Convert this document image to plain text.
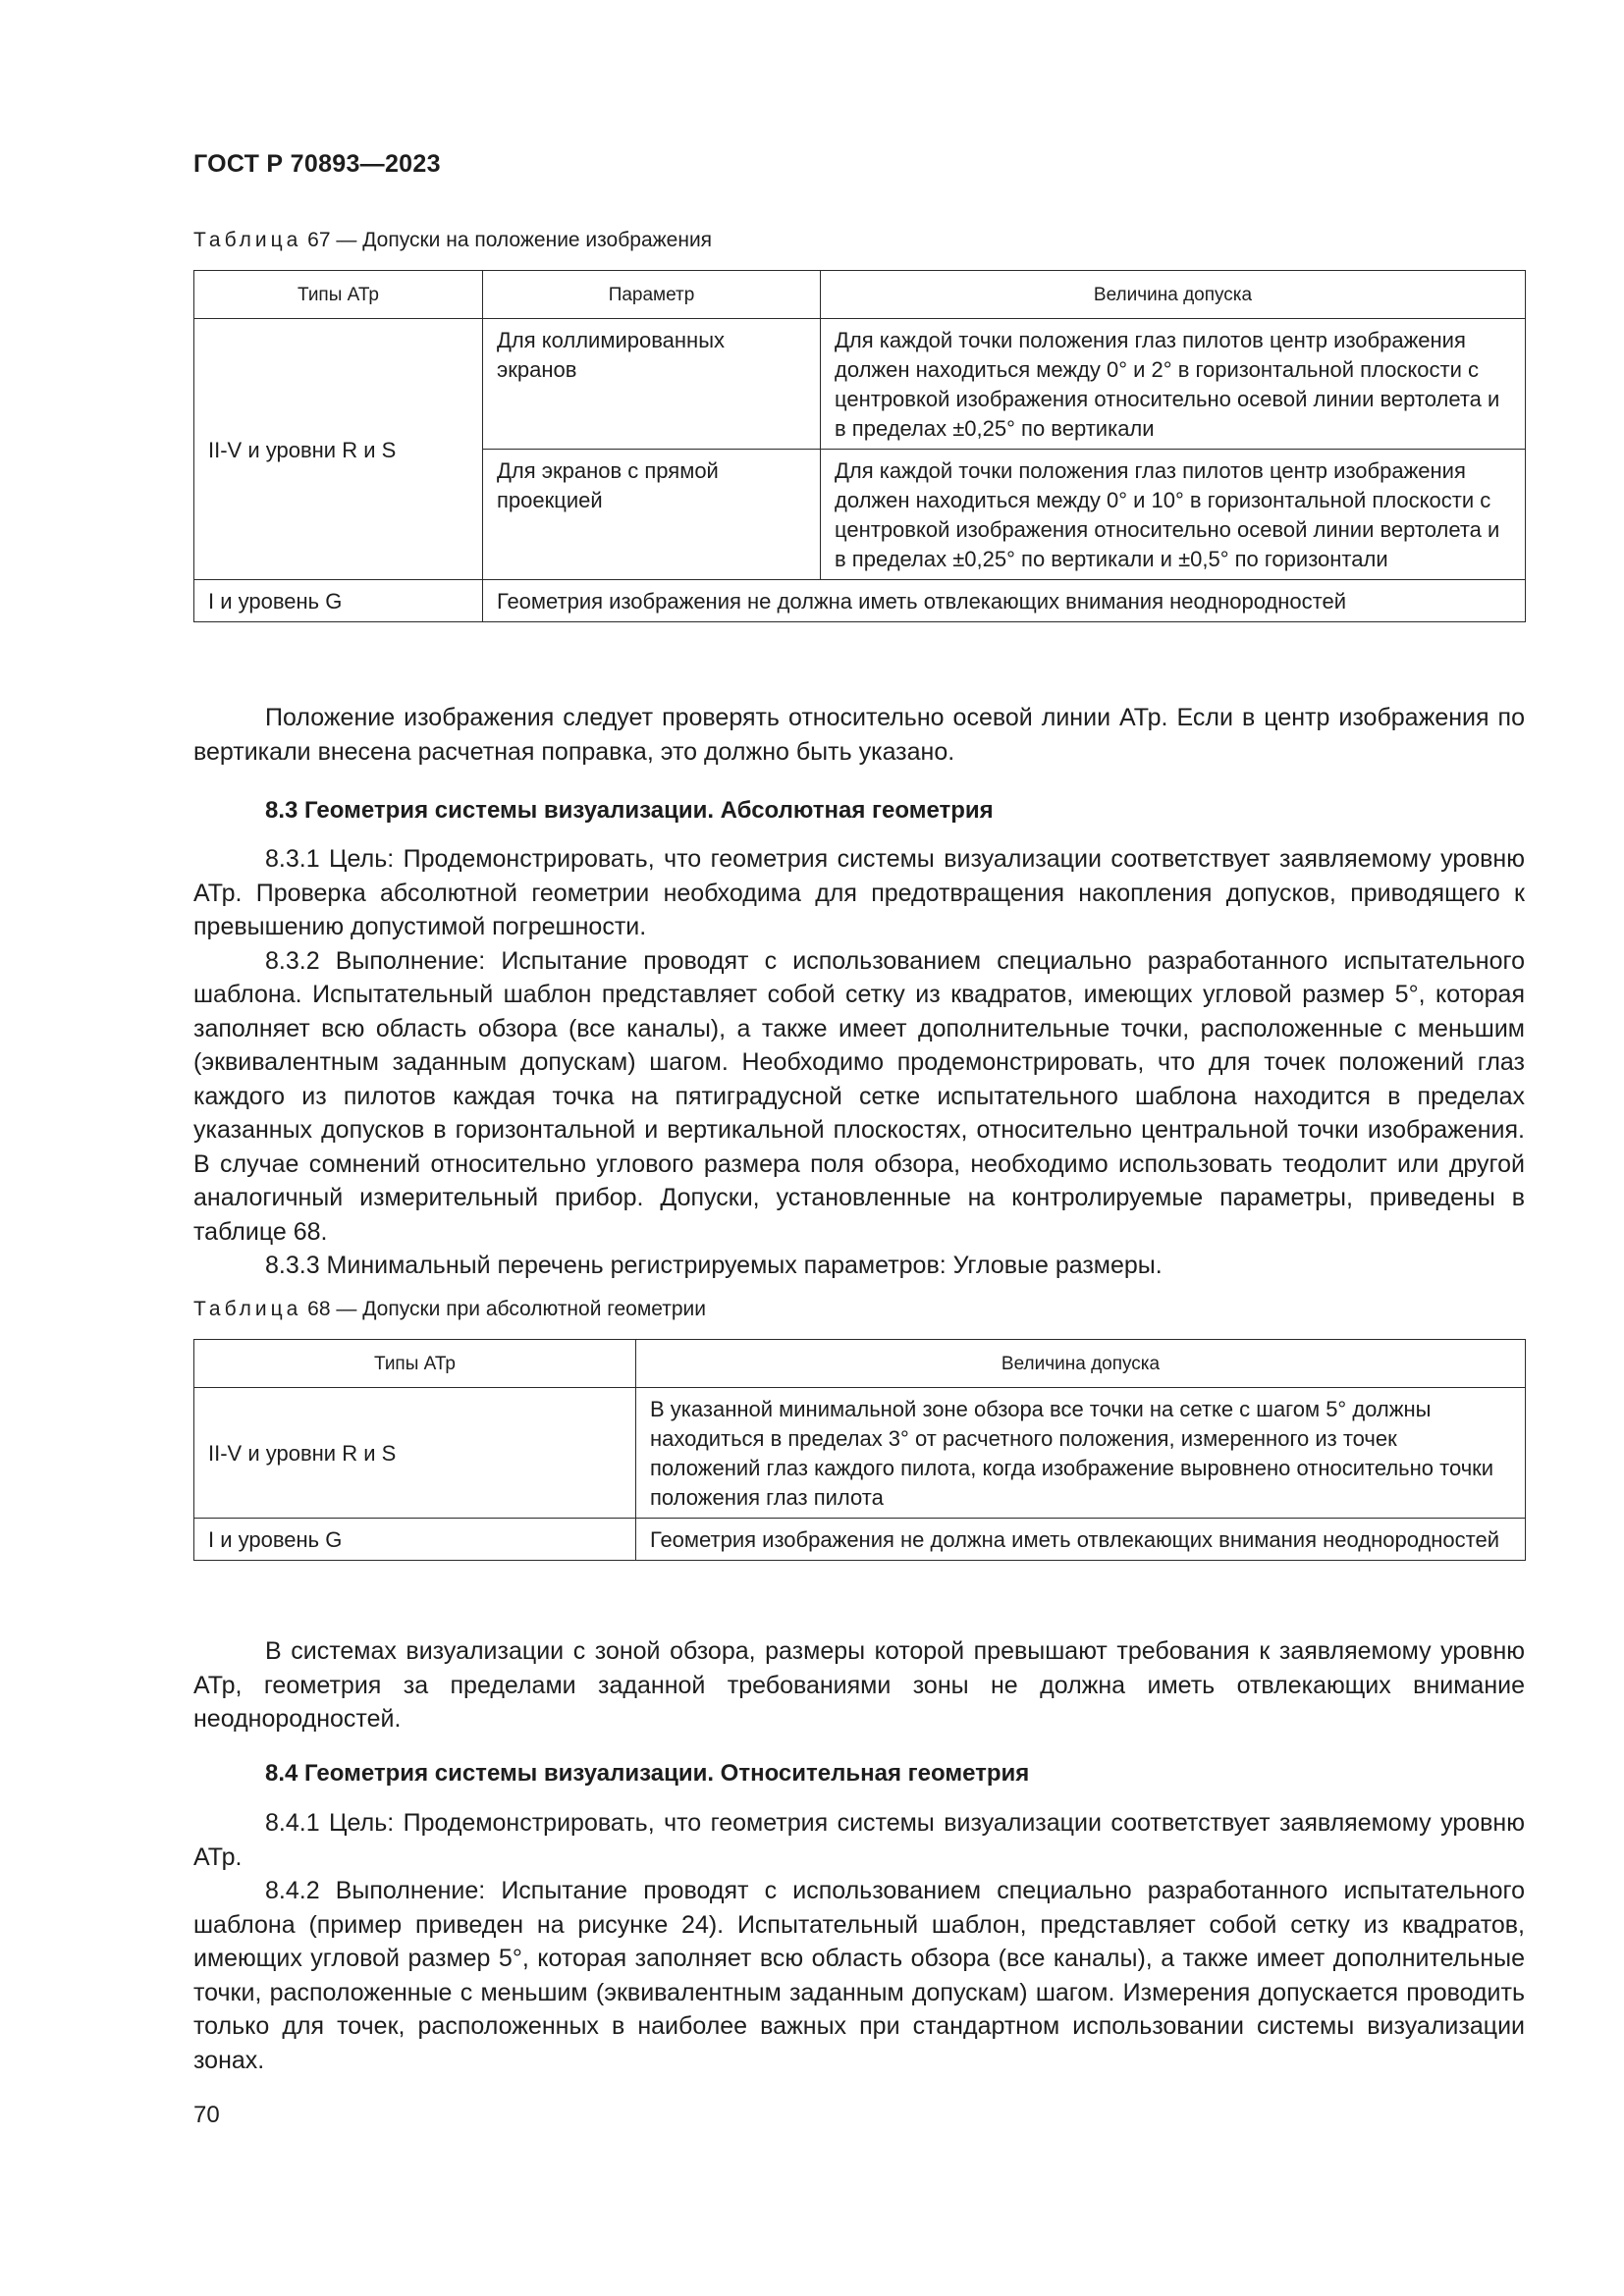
ГОСТ Р 70893—2023
Таблица 67 — Допуски на положение изображения
Типы АТр	Параметр	Величина допуска
II-V и уровни R и S	Для коллимированных экранов	Для каждой точки положения глаз пилотов центр изображения должен находиться между 0° и 2° в горизонтальной плоскости с центровкой изображения относительно осевой линии вертолета и в пределах ±0,25° по вертикали
	Для экранов с прямой проекцией	Для каждой точки положения глаз пилотов центр изображения должен находиться между 0° и 10° в горизонтальной плоскости с центровкой изображения относительно осевой линии вертолета и в пределах ±0,25° по вертикали и ±0,5° по горизонтали
I и уровень G	Геометрия изображения не должна иметь отвлекающих внимания неоднородностей	

Положение изображения следует проверять относительно осевой линии АТр. Если в центр изображения по вертикали внесена расчетная поправка, это должно быть указано.

8.3 Геометрия системы визуализации. Абсолютная геометрия

8.3.1 Цель: Продемонстрировать, что геометрия системы визуализации соответствует заявляемому уровню АТр. Проверка абсолютной геометрии необходима для предотвращения накопления допусков, приводящего к превышению допустимой погрешности.

8.3.2 Выполнение: Испытание проводят с использованием специально разработанного испытательного шаблона. Испытательный шаблон представляет собой сетку из квадратов, имеющих угловой размер 5°, которая заполняет всю область обзора (все каналы), а также имеет дополнительные точки, расположенные с меньшим (эквивалентным заданным допускам) шагом. Необходимо продемонстрировать, что для точек положений глаз каждого из пилотов каждая точка на пятиградусной сетке испытательного шаблона находится в пределах указанных допусков в горизонтальной и вертикальной плоскостях, относительно центральной точки изображения. В случае сомнений относительно углового размера поля обзора, необходимо использовать теодолит или другой аналогичный измерительный прибор. Допуски, установленные на контролируемые параметры, приведены в таблице 68.

8.3.3 Минимальный перечень регистрируемых параметров: Угловые размеры.

Таблица 68 — Допуски при абсолютной геометрии
Типы АТр	Величина допуска
II-V и уровни R и S	В указанной минимальной зоне обзора все точки на сетке с шагом 5° должны находиться в пределах 3° от расчетного положения, измеренного из точек положений глаз каждого пилота, когда изображение выровнено относительно точки положения глаз пилота
I и уровень G	Геометрия изображения не должна иметь отвлекающих внимания неоднородностей

В системах визуализации с зоной обзора, размеры которой превышают требования к заявляемому уровню АТр, геометрия за пределами заданной требованиями зоны не должна иметь отвлекающих внимание неоднородностей.

8.4 Геометрия системы визуализации. Относительная геометрия

8.4.1 Цель: Продемонстрировать, что геометрия системы визуализации соответствует заявляемому уровню АТр.

8.4.2 Выполнение: Испытание проводят с использованием специально разработанного испытательного шаблона (пример приведен на рисунке 24). Испытательный шаблон, представляет собой сетку из квадратов, имеющих угловой размер 5°, которая заполняет всю область обзора (все каналы), а также имеет дополнительные точки, расположенные с меньшим (эквивалентным заданным допускам) шагом. Измерения допускается проводить только для точек, расположенных в наиболее важных при стандартном использовании системы визуализации зонах.

70
